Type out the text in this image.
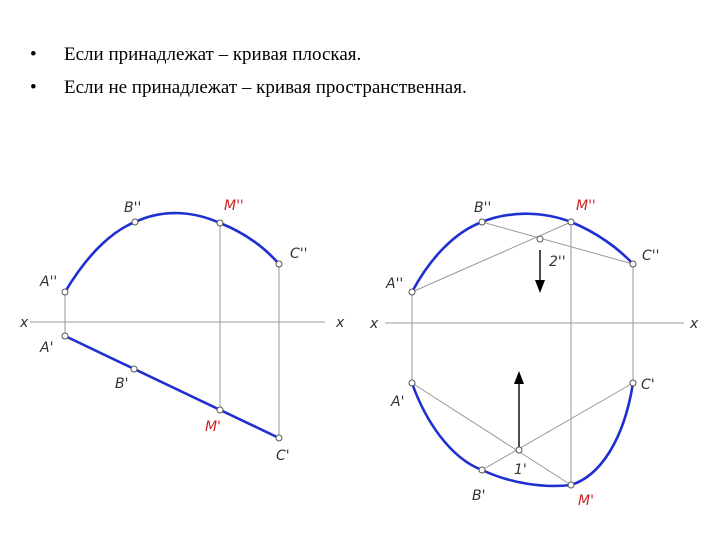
•	Если принадлежат – кривая плоская.
•	Если не принадлежат – кривая пространственная.
x	x
B''	M''
A''
C''
A'
B'
M'
C'
x	x
B''	M''
A''
C''
2''
A'
C'
1'
B'	M'
